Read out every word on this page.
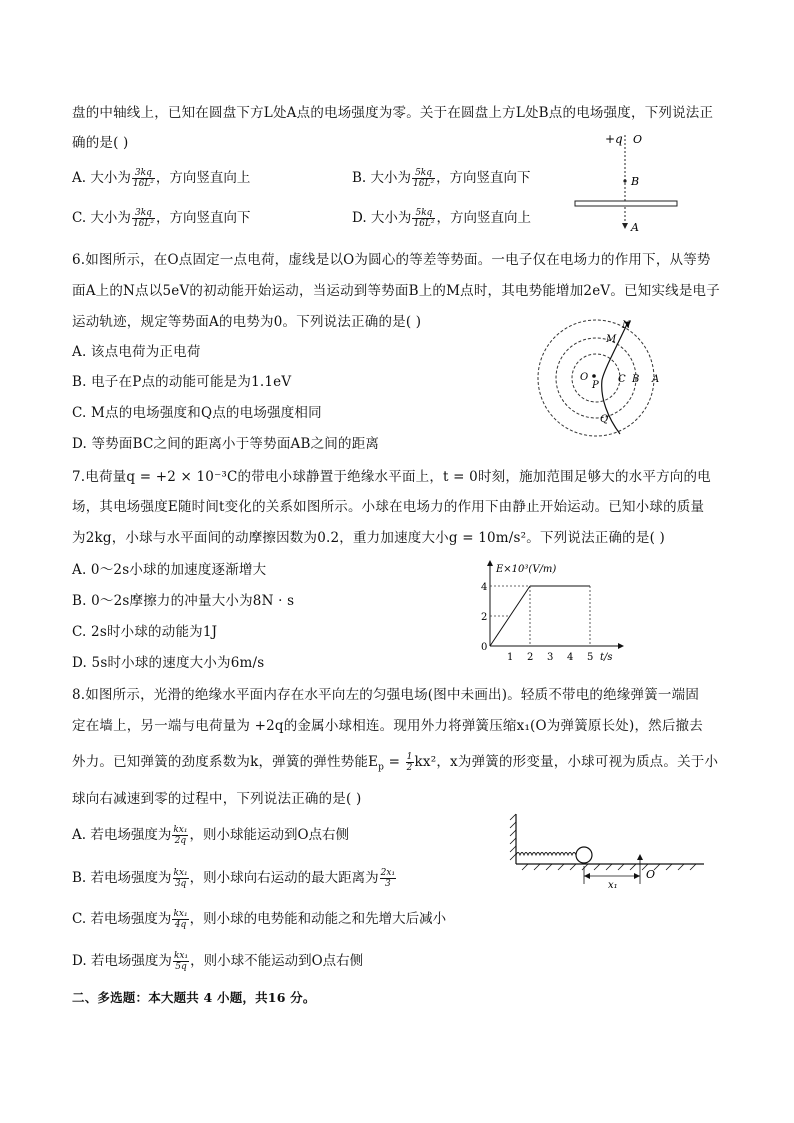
盘的中轴线上，已知在圆盘下方L处A点的电场强度为零。关于在圆盘上方L处B点的电场强度，下列说法正
确的是( )
A. 大小为 $\frac{3kq}{\text{16L²}}$ ，方向竖直向上	B. 大小为 $\frac{5kq}{\text{16L²}}$ ，方向竖直向下
C. 大小为 $\frac{3kq}{\text{16L²}}$ ，方向竖直向下	D. 大小为 $\frac{5kq}{\text{16L²}}$ ，方向竖直向上
+q O
B
A
6.如图所示，在O点固定一点电荷，虚线是以O为圆心的等差等势面。一电子仅在电场力的作用下，从等势
面A上的N点以5eV的初动能开始运动，当运动到等势面B上的M点时，其电势能增加2eV。已知实线是电子
运动轨迹，规定等势面A的电势为0。下列说法正确的是( )
A. 该点电荷为正电荷
B. 电子在P点的动能可能是为1.1eV
C. M点的电场强度和Q点的电场强度相同
D. 等势面BC之间的距离小于等势面AB之间的距离
N
M
O
P
C B A
Q
7.电荷量q = +2 × 10⁻³C的带电小球静置于绝缘水平面上，t = 0时刻，施加范围足够大的水平方向的电
场，其电场强度E随时间t变化的关系如图所示。小球在电场力的作用下由静止开始运动。已知小球的质量
为2kg，小球与水平面间的动摩擦因数为0.2，重力加速度大小g = 10m/s²。下列说法正确的是( )
A. 0～2s小球的加速度逐渐增大
B. 0～2s摩擦力的冲量大小为8N · s
C. 2s时小球的动能为1J
D. 5s时小球的速度大小为6m/s
E×10³(V/m)
t/s
0
1 2 3 4 5
2
4
8.如图所示，光滑的绝缘水平面内存在水平向左的匀强电场(图中未画出)。轻质不带电的绝缘弹簧一端固
定在墙上，另一端与电荷量为 +2q的金属小球相连。现用外力将弹簧压缩x₁(O为弹簧原长处)，然后撤去
外力。已知弹簧的劲度系数为k，弹簧的弹性势能$E_p = \frac{1}{2} kx^2$，x为弹簧的形变量，小球可视为质点。关于小
球向右减速到零的过程中，下列说法正确的是( )
A. 若电场强度为 $\frac{\text{kx₁}}{2q}$ ，则小球能运动到O点右侧
B. 若电场强度为 $\frac{\text{kx₁}}{3q}$ ，则小球向右运动的最大距离为 $\frac{\text{2x₁}}{3}$
C. 若电场强度为 $\frac{\text{kx₁}}{4q}$ ，则小球的电势能和动能之和先增大后减小
D. 若电场强度为 $\frac{\text{kx₁}}{5q}$ ，则小球不能运动到O点右侧
x₁
O
二、多选题：本大题共 4 小题，共16 分。
